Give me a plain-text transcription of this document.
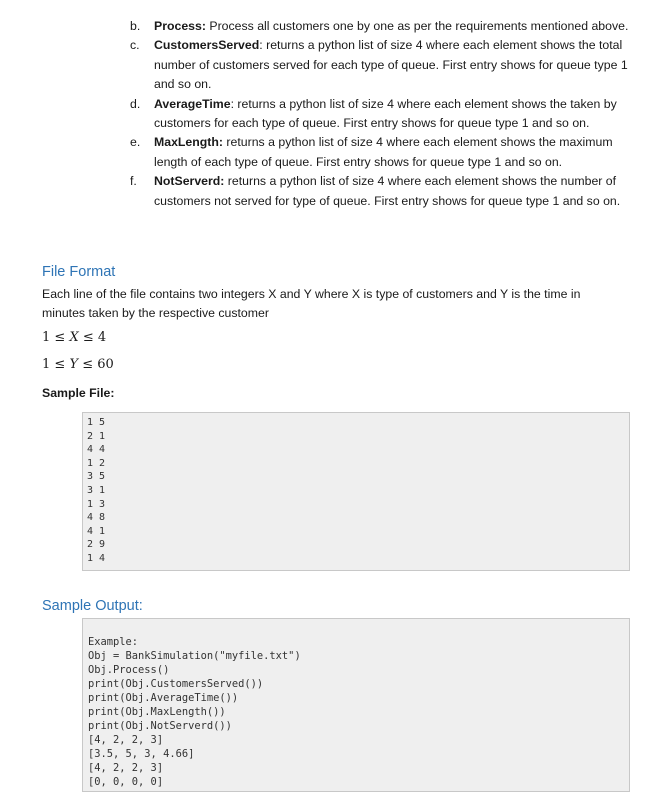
b.	Process: Process all customers one by one as per the requirements mentioned above.
c.	CustomersServed: returns a python list of size 4 where each element shows the total number of customers served for each type of queue. First entry shows for queue type 1 and so on.
d.	AverageTime: returns a python list of size 4 where each element shows the taken by customers for each type of queue. First entry shows for queue type 1 and so on.
e.	MaxLength: returns a python list of size 4 where each element shows the maximum length of each type of queue. First entry shows for queue type 1 and so on.
f.	NotServerd: returns a python list of size 4 where each element shows the number of customers not served for type of queue. First entry shows for queue type 1 and so on.
File Format
Each line of the file contains two integers X and Y where X is type of customers and Y is the time in minutes taken by the respective customer
1 ≤ X ≤ 4
1 ≤ Y ≤ 60
Sample File:
1 5
2 1
4 4
1 2
3 5
3 1
1 3
4 8
4 1
2 9
1 4
Sample Output:
Example:
Obj = BankSimulation("myfile.txt")
Obj.Process()
print(Obj.CustomersServed())
print(Obj.AverageTime())
print(Obj.MaxLength())
print(Obj.NotServerd())
[4, 2, 2, 3]
[3.5, 5, 3, 4.66]
[4, 2, 2, 3]
[0, 0, 0, 0]
